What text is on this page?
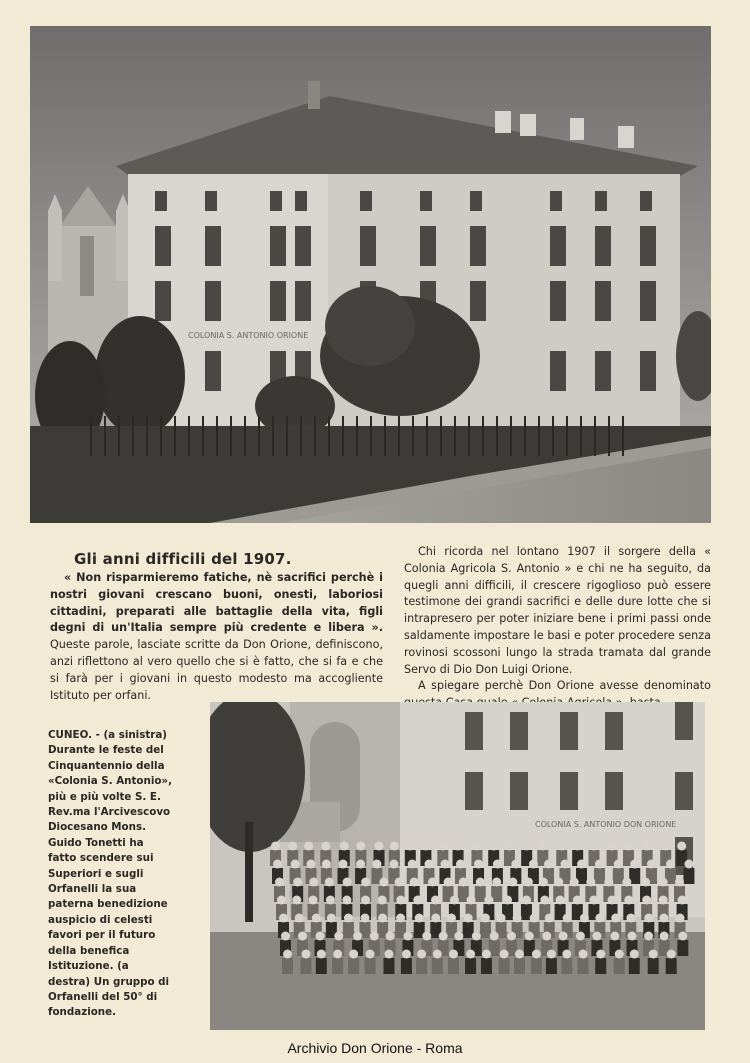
COLONIA S. ANTONIO ORIONE
Gli anni difficili del 1907.
« Non risparmieremo fatiche, nè sacrifici perchè i nostri giovani crescano buoni, onesti, laboriosi cittadini, preparati alle battaglie della vita, figli degni di un'Italia sempre più credente e libera ». Queste parole, lasciate scritte da Don Orione, definiscono, anzi riflettono al vero quello che si è fatto, che si fa e che si farà per i giovani in questo modesto ma accogliente Istituto per orfani.

Chi ricorda nel lontano 1907 il sorgere della « Colonia Agricola S. Antonio » e chi ne ha seguito, da quegli anni difficili, il crescere rigoglioso può essere testimone dei grandi sacrifici e delle dure lotte che si intrapresero per poter iniziare bene i primi passi onde saldamente impostare le basi e poter procedere senza rovinosi scossoni lungo la strada tramata dal grande Servo di Dio Don Luigi Orione.

A spiegare perchè Don Orione avesse denominato

CUNEO. - (a sinistra) Durante le feste del Cinquantennio della «Colonia S. Antonio», più e più volte S. E. Rev.ma l'Arcivescovo Diocesano Mons. Guido Tonetti ha fatto scendere sui Superiori e sugli Orfanelli la sua paterna benedizione auspicio di celesti favori per il futuro della benefica Istituzione. (a destra) Un gruppo di Orfanelli del 50° di fondazione.
COLONIA S. ANTONIO DON ORIONE
Archivio Don Orione - Roma
